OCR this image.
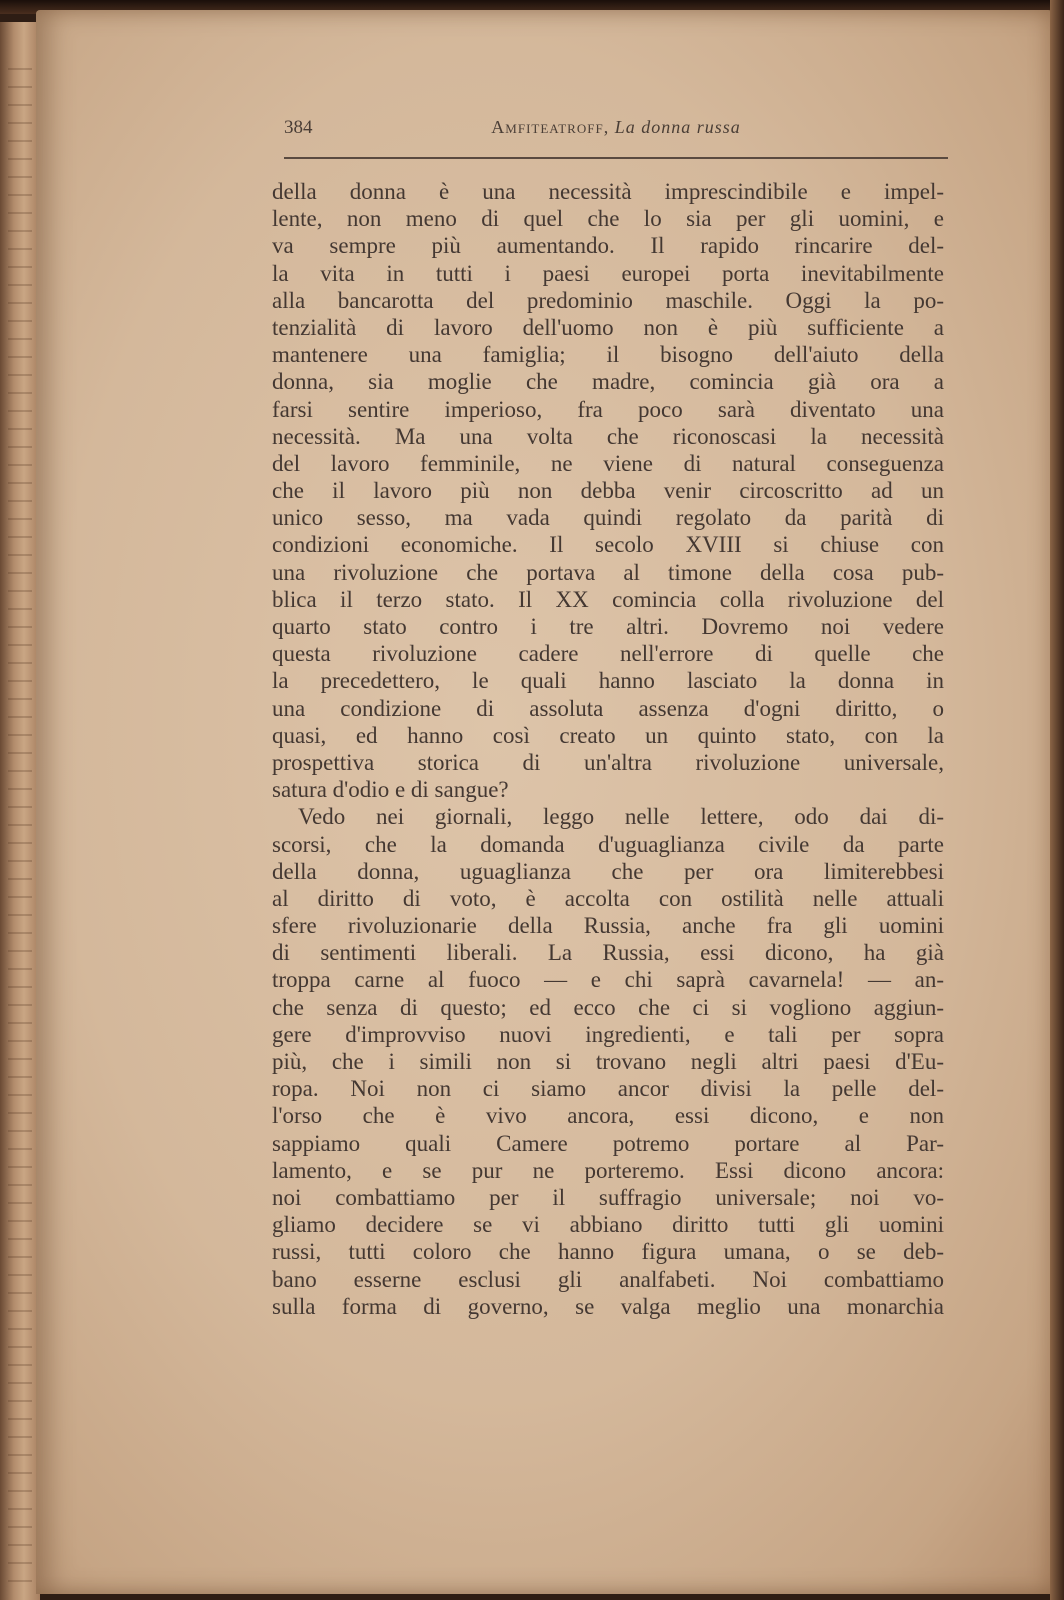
384	Amfiteatroff, La donna russa
della donna è una necessità imprescindibile e impel-
lente, non meno di quel che lo sia per gli uomini, e
va sempre più aumentando. Il rapido rincarire del-
la vita in tutti i paesi europei porta inevitabilmente
alla bancarotta del predominio maschile. Oggi la po-
tenzialità di lavoro dell'uomo non è più sufficiente a
mantenere una famiglia; il bisogno dell'aiuto della
donna, sia moglie che madre, comincia già ora a
farsi sentire imperioso, fra poco sarà diventato una
necessità. Ma una volta che riconoscasi la necessità
del lavoro femminile, ne viene di natural conseguenza
che il lavoro più non debba venir circoscritto ad un
unico sesso, ma vada quindi regolato da parità di
condizioni economiche. Il secolo XVIII si chiuse con
una rivoluzione che portava al timone della cosa pub-
blica il terzo stato. Il XX comincia colla rivoluzione del
quarto stato contro i tre altri. Dovremo noi vedere
questa rivoluzione cadere nell'errore di quelle che
la precedettero, le quali hanno lasciato la donna in
una condizione di assoluta assenza d'ogni diritto, o
quasi, ed hanno così creato un quinto stato, con la
prospettiva storica di un'altra rivoluzione universale,
satura d'odio e di sangue?
Vedo nei giornali, leggo nelle lettere, odo dai di-
scorsi, che la domanda d'uguaglianza civile da parte
della donna, uguaglianza che per ora limiterebbesi
al diritto di voto, è accolta con ostilità nelle attuali
sfere rivoluzionarie della Russia, anche fra gli uomini
di sentimenti liberali. La Russia, essi dicono, ha già
troppa carne al fuoco — e chi saprà cavarnela! — an-
che senza di questo; ed ecco che ci si vogliono aggiun-
gere d'improvviso nuovi ingredienti, e tali per sopra
più, che i simili non si trovano negli altri paesi d'Eu-
ropa. Noi non ci siamo ancor divisi la pelle del-
l'orso che è vivo ancora, essi dicono, e non
sappiamo quali Camere potremo portare al Par-
lamento, e se pur ne porteremo. Essi dicono ancora:
noi combattiamo per il suffragio universale; noi vo-
gliamo decidere se vi abbiano diritto tutti gli uomini
russi, tutti coloro che hanno figura umana, o se deb-
bano esserne esclusi gli analfabeti. Noi combattiamo
sulla forma di governo, se valga meglio una monarchia
